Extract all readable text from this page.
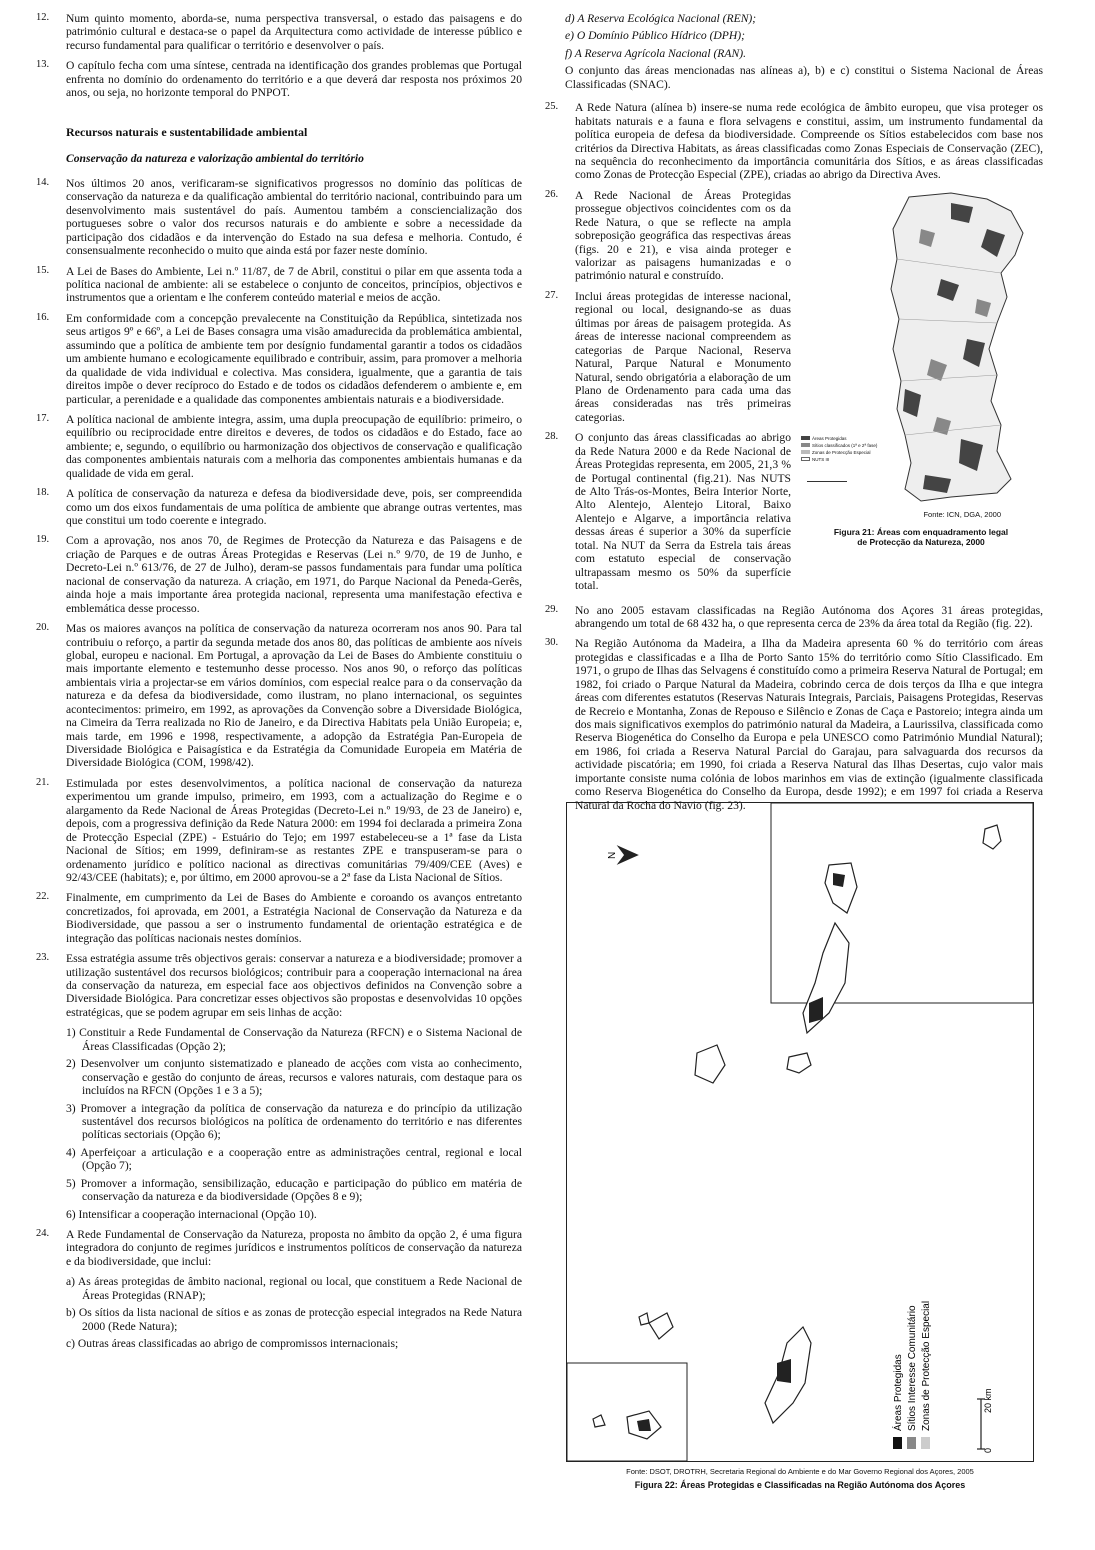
12.	Num quinto momento, aborda-se, numa perspectiva transversal, o estado das paisagens e do património cultural e destaca-se o papel da Arquitectura como actividade de interesse público e recurso fundamental para qualificar o território e desenvolver o país.
13.	O capítulo fecha com uma síntese, centrada na identificação dos grandes problemas que Portugal enfrenta no domínio do ordenamento do território e a que deverá dar resposta nos próximos 20 anos, ou seja, no horizonte temporal do PNPOT.
Recursos naturais e sustentabilidade ambiental
Conservação da natureza e valorização ambiental do território
14.	Nos últimos 20 anos, verificaram-se significativos progressos no domínio das políticas de conservação da natureza e da qualificação ambiental do território nacional, contribuindo para um desenvolvimento mais sustentável do país. Aumentou também a consciencialização dos portugueses sobre o valor dos recursos naturais e do ambiente e sobre a necessidade da participação dos cidadãos e da intervenção do Estado na sua defesa e melhoria. Contudo, é consensualmente reconhecido o muito que ainda está por fazer neste domínio.
15.	A Lei de Bases do Ambiente, Lei n.º 11/87, de 7 de Abril, constitui o pilar em que assenta toda a política nacional de ambiente: ali se estabelece o conjunto de conceitos, princípios, objectivos e instrumentos que a orientam e lhe conferem conteúdo material e meios de acção.
16.	Em conformidade com a concepção prevalecente na Constituição da República, sintetizada nos seus artigos 9º e 66º, a Lei de Bases consagra uma visão amadurecida da problemática ambiental, assumindo que a política de ambiente tem por desígnio fundamental garantir a todos os cidadãos um ambiente humano e ecologicamente equilibrado e contribuir, assim, para promover a melhoria da qualidade de vida individual e colectiva. Mas considera, igualmente, que a garantia de tais direitos impõe o dever recíproco do Estado e de todos os cidadãos defenderem o ambiente e, em particular, a perenidade e a qualidade das componentes ambientais naturais e a biodiversidade.
17.	A política nacional de ambiente integra, assim, uma dupla preocupação de equilíbrio: primeiro, o equilíbrio ou reciprocidade entre direitos e deveres, de todos os cidadãos e do Estado, face ao ambiente; e, segundo, o equilíbrio ou harmonização dos objectivos de conservação e qualificação das componentes ambientais naturais com a melhoria das componentes ambientais humanas e da qualidade de vida em geral.
18.	A política de conservação da natureza e defesa da biodiversidade deve, pois, ser compreendida como um dos eixos fundamentais de uma política de ambiente que abrange outras vertentes, mas que constitui um todo coerente e integrado.
19.	Com a aprovação, nos anos 70, de Regimes de Protecção da Natureza e das Paisagens e de criação de Parques e de outras Áreas Protegidas e Reservas (Lei n.º 9/70, de 19 de Junho, e Decreto-Lei n.º 613/76, de 27 de Julho), deram-se passos fundamentais para fundar uma política nacional de conservação da natureza. A criação, em 1971, do Parque Nacional da Peneda-Gerês, ainda hoje a mais importante área protegida nacional, representa uma manifestação efectiva e emblemática desse processo.
20.	Mas os maiores avanços na política de conservação da natureza ocorreram nos anos 90. Para tal contribuiu o reforço, a partir da segunda metade dos anos 80, das políticas de ambiente aos níveis global, europeu e nacional. Em Portugal, a aprovação da Lei de Bases do Ambiente constituiu o mais importante elemento e testemunho desse processo. Nos anos 90, o reforço das políticas ambientais viria a projectar-se em vários domínios, com especial realce para o da conservação da natureza e da defesa da biodiversidade, como ilustram, no plano internacional, os seguintes acontecimentos: primeiro, em 1992, as aprovações da Convenção sobre a Diversidade Biológica, na Cimeira da Terra realizada no Rio de Janeiro, e da Directiva Habitats pela União Europeia; e, mais tarde, em 1996 e 1998, respectivamente, a adopção da Estratégia Pan-Europeia de Diversidade Biológica e Paisagística e da Estratégia da Comunidade Europeia em Matéria de Diversidade Biológica (COM, 1998/42).
21.	Estimulada por estes desenvolvimentos, a política nacional de conservação da natureza experimentou um grande impulso, primeiro, em 1993, com a actualização do Regime e o alargamento da Rede Nacional de Áreas Protegidas (Decreto-Lei n.º 19/93, de 23 de Janeiro) e, depois, com a progressiva definição da Rede Natura 2000: em 1994 foi declarada a primeira Zona de Protecção Especial (ZPE) - Estuário do Tejo; em 1997 estabeleceu-se a 1ª fase da Lista Nacional de Sítios; em 1999, definiram-se as restantes ZPE e transpuseram-se para o ordenamento jurídico e político nacional as directivas comunitárias 79/409/CEE (Aves) e 92/43/CEE (habitats); e, por último, em 2000 aprovou-se a 2ª fase da Lista Nacional de Sítios.
22.	Finalmente, em cumprimento da Lei de Bases do Ambiente e coroando os avanços entretanto concretizados, foi aprovada, em 2001, a Estratégia Nacional de Conservação da Natureza e da Biodiversidade, que passou a ser o instrumento fundamental de orientação estratégica e de integração das políticas nacionais nestes domínios.
23.	Essa estratégia assume três objectivos gerais: conservar a natureza e a biodiversidade; promover a utilização sustentável dos recursos biológicos; contribuir para a cooperação internacional na área da conservação da natureza, em especial face aos objectivos definidos na Convenção sobre a Diversidade Biológica. Para concretizar esses objectivos são propostas e desenvolvidas 10 opções estratégicas, que se podem agrupar em seis linhas de acção:
1) Constituir a Rede Fundamental de Conservação da Natureza (RFCN) e o Sistema Nacional de Áreas Classificadas (Opção 2);
2) Desenvolver um conjunto sistematizado e planeado de acções com vista ao conhecimento, conservação e gestão do conjunto de áreas, recursos e valores naturais, com destaque para os incluídos na RFCN (Opções 1 e 3 a 5);
3) Promover a integração da política de conservação da natureza e do princípio da utilização sustentável dos recursos biológicos na política de ordenamento do território e nas diferentes políticas sectoriais (Opção 6);
4) Aperfeiçoar a articulação e a cooperação entre as administrações central, regional e local (Opção 7);
5) Promover a informação, sensibilização, educação e participação do público em matéria de conservação da natureza e da biodiversidade (Opções 8 e 9);
6) Intensificar a cooperação internacional (Opção 10).
24.	A Rede Fundamental de Conservação da Natureza, proposta no âmbito da opção 2, é uma figura integradora do conjunto de regimes jurídicos e instrumentos políticos de conservação da natureza e da biodiversidade, que inclui:
a) As áreas protegidas de âmbito nacional, regional ou local, que constituem a Rede Nacional de Áreas Protegidas (RNAP);
b) Os sítios da lista nacional de sítios e as zonas de protecção especial integrados na Rede Natura 2000 (Rede Natura);
c) Outras áreas classificadas ao abrigo de compromissos internacionais;
d) A Reserva Ecológica Nacional (REN);
e) O Domínio Público Hídrico (DPH);
f) A Reserva Agrícola Nacional (RAN).
O conjunto das áreas mencionadas nas alíneas a), b) e c) constitui o Sistema Nacional de Áreas Classificadas (SNAC).
25.	A Rede Natura (alínea b) insere-se numa rede ecológica de âmbito europeu, que visa proteger os habitats naturais e a fauna e flora selvagens e constitui, assim, um instrumento fundamental da política europeia de defesa da biodiversidade. Compreende os Sítios estabelecidos com base nos critérios da Directiva Habitats, as áreas classificadas como Zonas Especiais de Conservação (ZEC), na sequência do reconhecimento da importância comunitária dos Sítios, e as áreas classificadas como Zonas de Protecção Especial (ZPE), criadas ao abrigo da Directiva Aves.
26.	A Rede Nacional de Áreas Protegidas prossegue objectivos coincidentes com os da Rede Natura, o que se reflecte na ampla sobreposição geográfica das respectivas áreas (figs. 20 e 21), e visa ainda proteger e valorizar as paisagens humanizadas e o património natural e construído.
27.	Inclui áreas protegidas de interesse nacional, regional ou local, designando-se as duas últimas por áreas de paisagem protegida. As áreas de interesse nacional compreendem as categorias de Parque Nacional, Reserva Natural, Parque Natural e Monumento Natural, sendo obrigatória a elaboração de um Plano de Ordenamento para cada uma das áreas consideradas nas três primeiras categorias.
28.	O conjunto das áreas classificadas ao abrigo da Rede Natura 2000 e da Rede Nacional de Áreas Protegidas representa, em 2005, 21,3 % de Portugal continental (fig.21). Nas NUTS de Alto Trás-os-Montes, Beira Interior Norte, Alto Alentejo, Alentejo Litoral, Baixo Alentejo e Algarve, a importância relativa dessas áreas é superior a 30% da superfície total. Na NUT da Serra da Estrela tais áreas com estatuto especial de conservação ultrapassam mesmo os 50% da superfície total.
Áreas Protegidas
Sítios classificados (1ª e 2ª fase)
Zonas de Protecção Especial
NUTS III
Fonte: ICN, DGA, 2000
Figura 21: Áreas com enquadramento legal
de Protecção da Natureza, 2000
29.	No ano 2005 estavam classificadas na Região Autónoma dos Açores 31 áreas protegidas, abrangendo um total de 68 432 ha, o que representa cerca de 23% da área total da Região (fig. 22).
30.	Na Região Autónoma da Madeira, a Ilha da Madeira apresenta 60 % do território com áreas protegidas e classificadas e a Ilha de Porto Santo 15% do território como Sítio Classificado. Em 1971, o grupo de Ilhas das Selvagens é constituído como a primeira Reserva Natural de Portugal; em 1982, foi criado o Parque Natural da Madeira, cobrindo cerca de dois terços da Ilha e que integra áreas com diferentes estatutos (Reservas Naturais Integrais, Parciais, Paisagens Protegidas, Reservas de Recreio e Montanha, Zonas de Repouso e Silêncio e Zonas de Caça e Pastoreio; integra ainda um dos mais significativos exemplos do património natural da Madeira, a Laurissilva, classificada como Reserva Biogenética do Conselho da Europa e pela UNESCO como Património Mundial Natural); em 1986, foi criada a Reserva Natural Parcial do Garajau, para salvaguarda dos recursos da actividade piscatória; em 1990, foi criada a Reserva Natural das Ilhas Desertas, cujo valor mais importante consiste numa colónia de lobos marinhos em vias de extinção (igualmente classificada como Reserva Biogenética do Conselho da Europa, desde 1992); e em 1997 foi criada a Reserva Natural da Rocha do Navio (fig. 23).
N
Áreas Protegidas Sítios Interesse Comunitário Zonas de Protecção Especial
0
20 km
Fonte: DSOT, DROTRH, Secretaria Regional do Ambiente e do Mar Governo Regional dos Açores, 2005
Figura 22: Áreas Protegidas e Classificadas na Região Autónoma dos Açores
